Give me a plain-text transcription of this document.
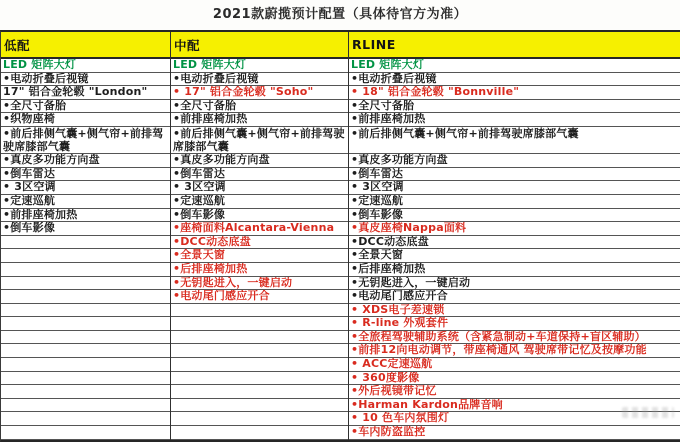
2021款蔚揽预计配置（具体待官方为准）
低配
LED 矩阵大灯
•电动折叠后视镜
17" 铝合金轮毂 "London"
•全尺寸备胎
•织物座椅
•前后排侧气囊+侧气帘+前排驾驶席膝部气囊
•真皮多功能方向盘
•倒车雷达
• 3区空调
•定速巡航
•前排座椅加热
•倒车影像
中配
LED 矩阵大灯
•电动折叠后视镜
• 17" 铝合金轮毂 "Soho"
•全尺寸备胎
•前排座椅加热
•前后排侧气囊+侧气帘+前排驾驶席膝部气囊
•真皮多功能方向盘
•倒车雷达
• 3区空调
•定速巡航
•倒车影像
•座椅面料Alcantara-Vienna
•DCC动态底盘
•全景天窗
•后排座椅加热
•无钥匙进入，一键启动
•电动尾门感应开合
RLINE
LED 矩阵大灯
•电动折叠后视镜
• 18" 铝合金轮毂 "Bonnville"
•全尺寸备胎
•前排座椅加热
•前后排侧气囊+侧气帘+前排驾驶席膝部气囊
•真皮多功能方向盘
•倒车雷达
• 3区空调
•定速巡航
•倒车影像
•真皮座椅Nappa面料
•DCC动态底盘
•全景天窗
•后排座椅加热
•无钥匙进入，一键启动
•电动尾门感应开合
• XDS电子差速锁
• R-line 外观套件
•全旅程驾驶辅助系统（含紧急制动+车道保持+盲区辅助）
•前排12向电动调节，带座椅通风 驾驶席带记忆及按摩功能
• ACC定速巡航
• 360度影像
•外后视镜带记忆
•Harman Kardon品牌音响
• 10 色车内氛围灯
•车内防盗监控
